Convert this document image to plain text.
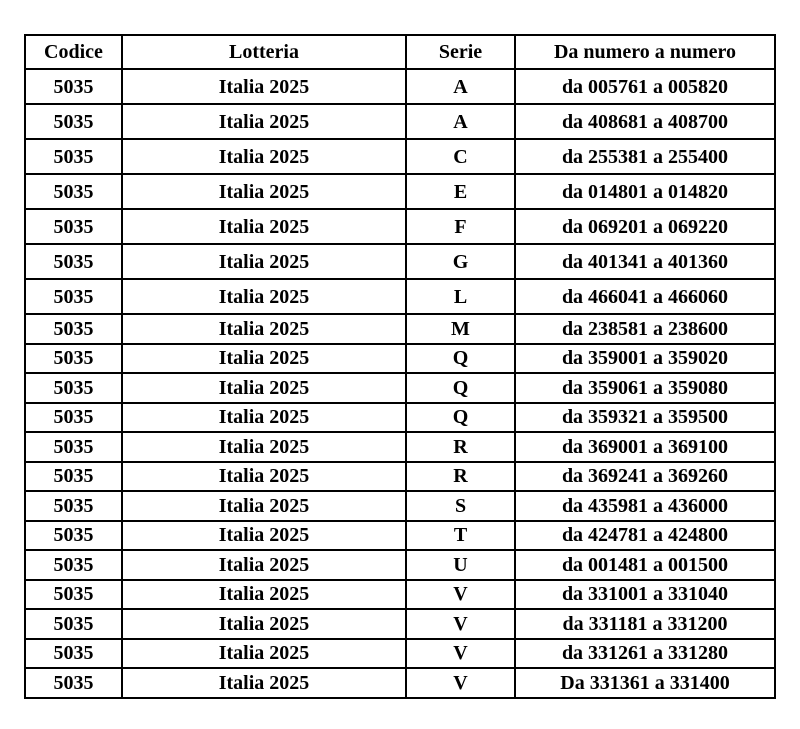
Codice	Lotteria	Serie	Da numero a numero
5035	Italia 2025	A	da 005761 a 005820
5035	Italia 2025	A	da 408681 a 408700
5035	Italia 2025	C	da 255381 a 255400
5035	Italia 2025	E	da 014801 a 014820
5035	Italia 2025	F	da 069201 a 069220
5035	Italia 2025	G	da 401341 a 401360
5035	Italia 2025	L	da 466041 a 466060
5035	Italia 2025	M	da 238581 a 238600
5035	Italia 2025	Q	da 359001 a 359020
5035	Italia 2025	Q	da 359061 a 359080
5035	Italia 2025	Q	da 359321 a 359500
5035	Italia 2025	R	da 369001 a 369100
5035	Italia 2025	R	da 369241 a 369260
5035	Italia 2025	S	da 435981 a 436000
5035	Italia 2025	T	da 424781 a 424800
5035	Italia 2025	U	da 001481 a 001500
5035	Italia 2025	V	da 331001 a 331040
5035	Italia 2025	V	da 331181 a 331200
5035	Italia 2025	V	da 331261 a 331280
5035	Italia 2025	V	Da 331361 a 331400
